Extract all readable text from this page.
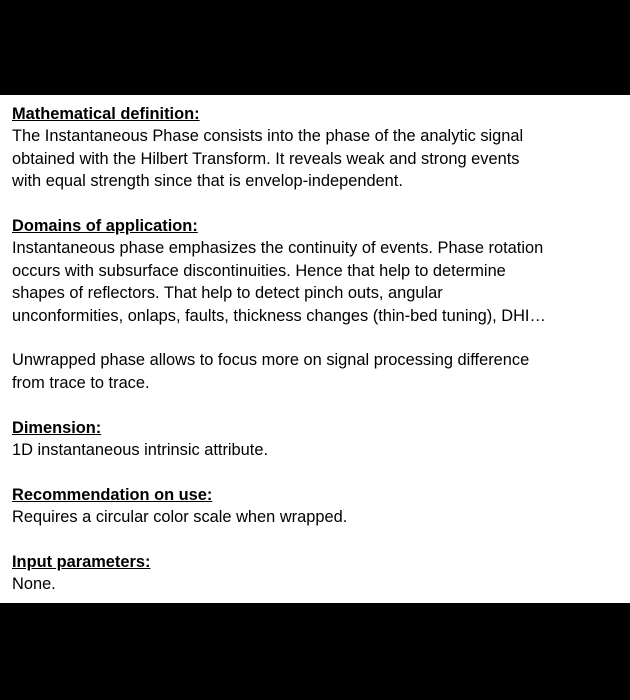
Mathematical definition:
The Instantaneous Phase consists into the phase of the analytic signal
obtained with the Hilbert Transform. It reveals weak and strong events
with equal strength since that is envelop-independent.
Domains of application:
Instantaneous phase emphasizes the continuity of events. Phase rotation
occurs with subsurface discontinuities. Hence that help to determine
shapes of reflectors. That help to detect pinch outs, angular
unconformities, onlaps, faults, thickness changes (thin-bed tuning), DHI…
Unwrapped phase allows to focus more on signal processing difference
from trace to trace.
Dimension:
1D instantaneous intrinsic attribute.
Recommendation on use:
Requires a circular color scale when wrapped.
Input parameters:
None.
